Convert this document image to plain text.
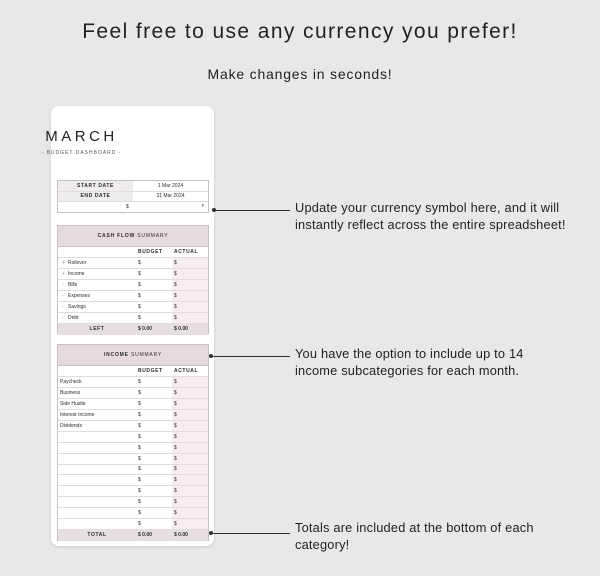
Feel free to use any currency you prefer!
Make changes in seconds!
MARCH
· BUDGET DASHBOARD ·
START DATE	1 Mar 2024
END DATE	31 Mar 2024

$ ▾	
CASH FLOW SUMMARY
	BUDGET	ACTUAL
+ Rollover	$	$
+ Income	$	$
- Bills	$	$
- Expenses	$	$
- Savings	$	$
- Debt	$	$
LEFT	$ 0.00	$ 0.00
INCOME SUMMARY
	BUDGET	ACTUAL
Paycheck	$	$
Business	$	$
Side Hustle	$	$
Interest Income	$	$
Dividends	$	$
	$	$
	$	$
	$	$
	$	$
	$	$
	$	$
	$	$
	$	$
	$	$
TOTAL	$ 0.00	$ 0.00
Update your currency symbol here, and it will
instantly reflect across the entire spreadsheet!
You have the option to include up to 14
income subcategories for each month.
Totals are included at the bottom of each
category!
